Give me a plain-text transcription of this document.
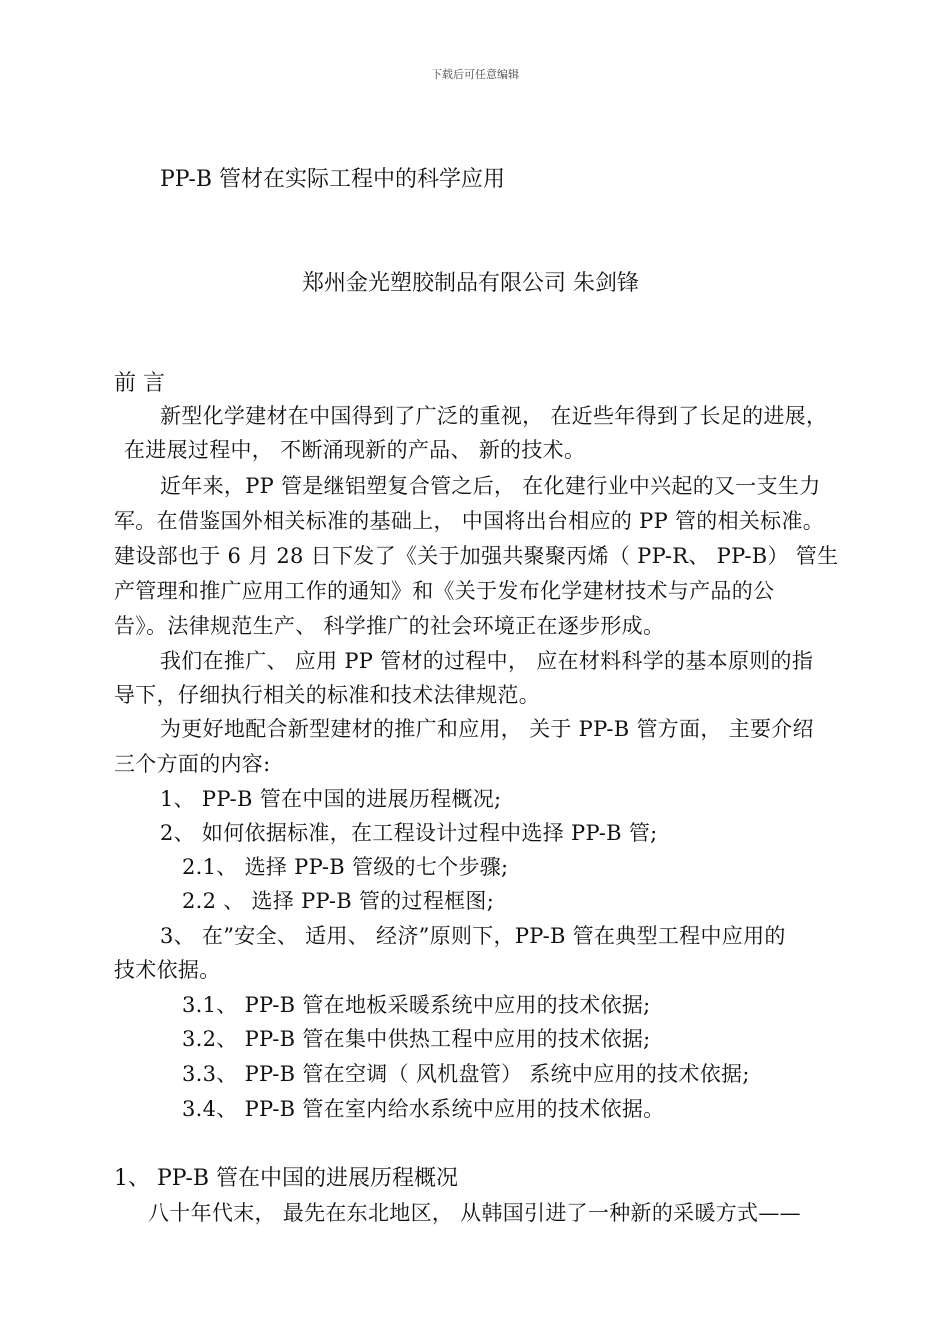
下载后可任意编辑
PP-B 管材在实际工程中的科学应用
郑州金光塑胶制品有限公司 朱剑锋
前 言
新型化学建材在中国得到了广泛的重视， 在近些年得到了长足的进展，
在进展过程中， 不断涌现新的产品、 新的技术。
近年来，PP 管是继铝塑复合管之后， 在化建行业中兴起的又一支生力
军。在借鉴国外相关标准的基础上， 中国将出台相应的 PP 管的相关标准。
建设部也于 6 月 28 日下发了《关于加强共聚聚丙烯（ PP-R、 PP-B） 管生
产管理和推广应用工作的通知》和《关于发布化学建材技术与产品的公
告》。法律规范生产、 科学推广的社会环境正在逐步形成。
我们在推广、 应用 PP 管材的过程中， 应在材料科学的基本原则的指
导下，仔细执行相关的标准和技术法律规范。
为更好地配合新型建材的推广和应用， 关于 PP-B 管方面， 主要介绍
三个方面的内容:
1、 PP-B 管在中国的进展历程概况;
2、 如何依据标准，在工程设计过程中选择 PP-B 管;
2.1、 选择 PP-B 管级的七个步骤;
2.2 、 选择 PP-B 管的过程框图;
3、 在”安全、 适用、 经济”原则下，PP-B 管在典型工程中应用的
技术依据。
3.1、 PP-B 管在地板采暖系统中应用的技术依据;
3.2、 PP-B 管在集中供热工程中应用的技术依据;
3.3、 PP-B 管在空调（ 风机盘管） 系统中应用的技术依据;
3.4、 PP-B 管在室内给水系统中应用的技术依据。
1、 PP-B 管在中国的进展历程概况
八十年代末， 最先在东北地区， 从韩国引进了一种新的采暖方式——
